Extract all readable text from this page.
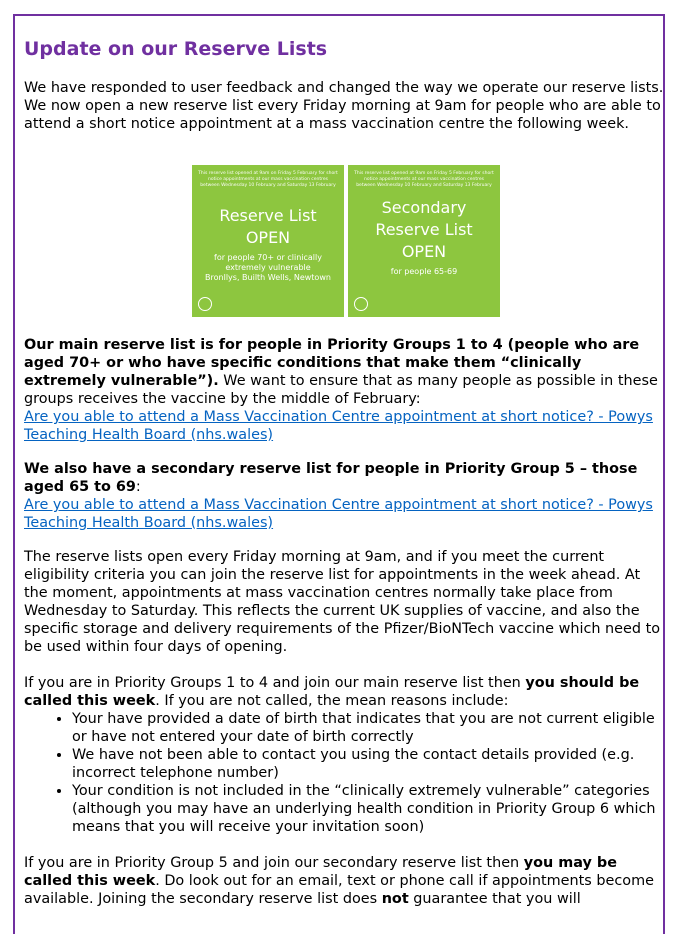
Update on our Reserve Lists

We have responded to user feedback and changed the way we operate our reserve lists. We now open a new reserve list every Friday morning at 9am for people who are able to attend a short notice appointment at a mass vaccination centre the following week.

This reserve list opened at 9am on Friday 5 February for short notice appointments at our mass vaccination centres between Wednesday 10 February and Saturday 13 February
Reserve List OPEN
for people 70+ or clinically extremely vulnerable
Bronllys, Builth Wells, Newtown
This reserve list opened at 9am on Friday 5 February for short notice appointments at our mass vaccination centres between Wednesday 10 February and Saturday 13 February
Secondary Reserve List OPEN
for people 65-69

Our main reserve list is for people in Priority Groups 1 to 4 (people who are aged 70+ or who have specific conditions that make them “clinically extremely vulnerable”). We want to ensure that as many people as possible in these groups receives the vaccine by the middle of February:
Are you able to attend a Mass Vaccination Centre appointment at short notice? - Powys Teaching Health Board (nhs.wales)

We also have a secondary reserve list for people in Priority Group 5 – those aged 65 to 69:
Are you able to attend a Mass Vaccination Centre appointment at short notice? - Powys Teaching Health Board (nhs.wales)

The reserve lists open every Friday morning at 9am, and if you meet the current eligibility criteria you can join the reserve list for appointments in the week ahead. At the moment, appointments at mass vaccination centres normally take place from Wednesday to Saturday. This reflects the current UK supplies of vaccine, and also the specific storage and delivery requirements of the Pfizer/BioNTech vaccine which need to be used within four days of opening.

If you are in Priority Groups 1 to 4 and join our main reserve list then you should be called this week. If you are not called, the mean reasons include:

• Your have provided a date of birth that indicates that you are not current eligible or have not entered your date of birth correctly
• We have not been able to contact you using the contact details provided (e.g. incorrect telephone number)
• Your condition is not included in the “clinically extremely vulnerable” categories (although you may have an underlying health condition in Priority Group 6 which means that you will receive your invitation soon)

If you are in Priority Group 5 and join our secondary reserve list then you may be called this week. Do look out for an email, text or phone call if appointments become available. Joining the secondary reserve list does not guarantee that you will
